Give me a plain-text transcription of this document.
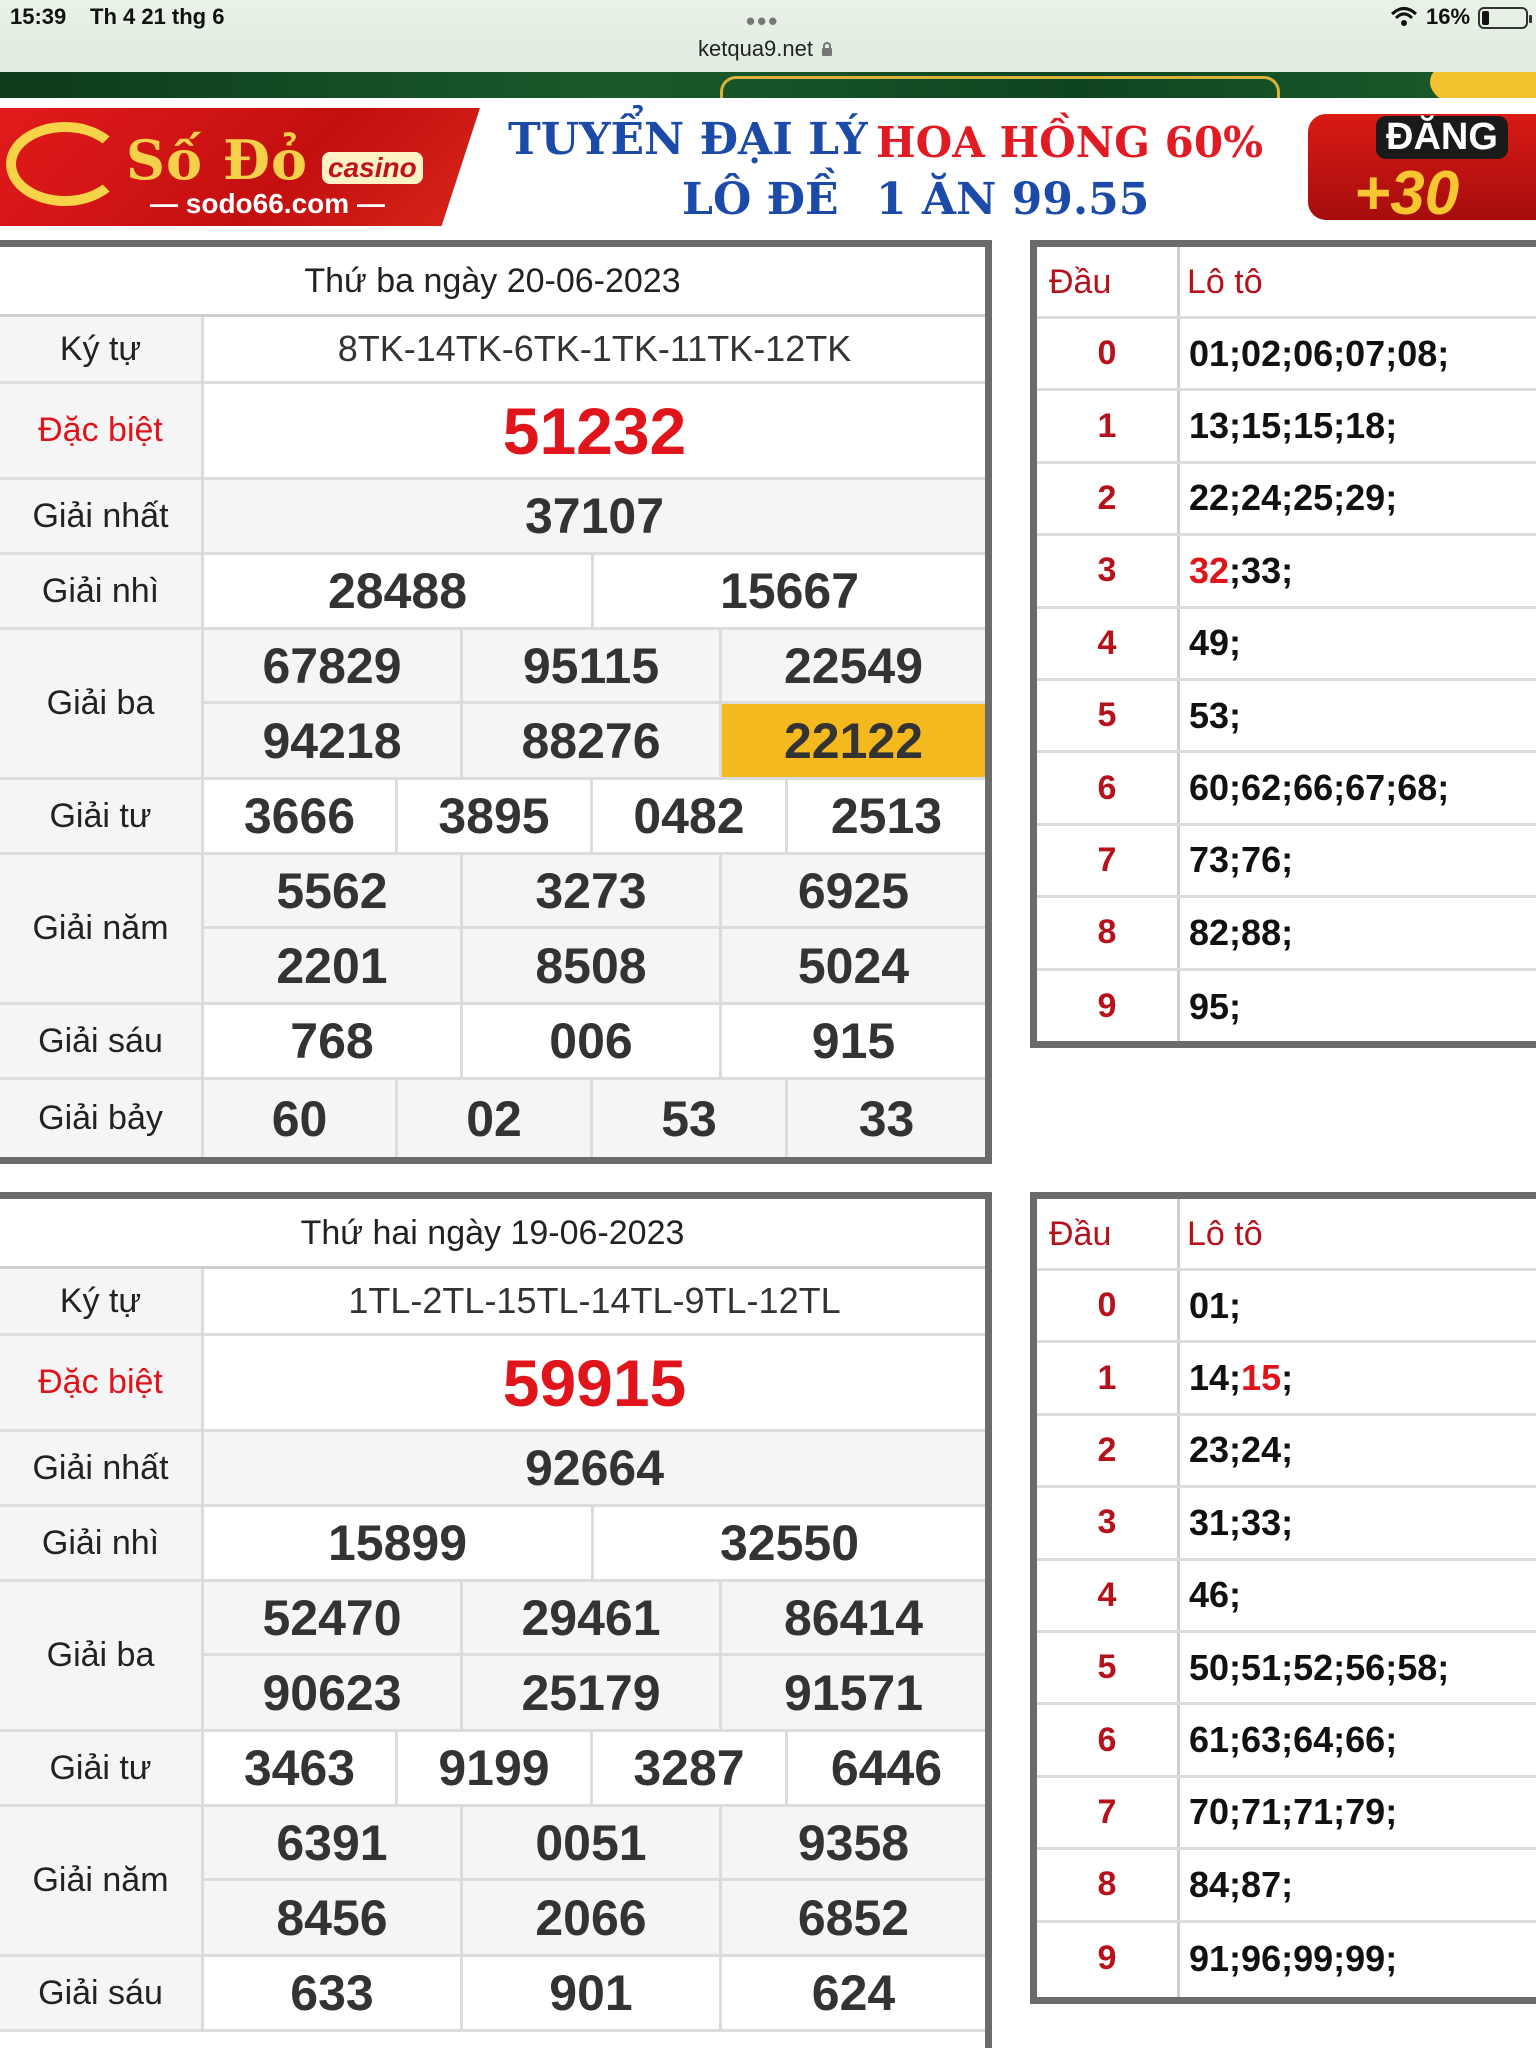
15:39 Th 4 21 thg 6	•••
ketqua9.net
16%
Số Đỏ casino
— sodo66.com —
TUYỂN ĐẠI LÝ HOA HỒNG 60%
LÔ ĐỀ 1 ĂN 99.55
ĐĂNG
+30
Thứ ba ngày 20-06-2023
Ký tự	8TK-14TK-6TK-1TK-11TK-12TK
Đặc biệt	51232
Giải nhất	37107
Giải nhì	28488	15667
Giải ba
67829	95115	22549
94218	88276	22122
Giải tư	3666	3895	0482	2513
Giải năm
5562	3273	6925
2201	8508	5024
Giải sáu	768	006	915
Giải bảy	60	02	53	33
Đầu Lô tô
0	01 ; 02 ; 06 ; 07 ; 08 ;
1	13 ; 15 ; 15 ; 18 ;
2	22 ; 24 ; 25 ; 29 ;
3	32 ; 33 ;
4	49 ;
5	53 ;
6	60 ; 62 ; 66 ; 67 ; 68 ;
7	73 ; 76 ;
8	82 ; 88 ;
9	95 ;
Thứ hai ngày 19-06-2023
Ký tự	1TL-2TL-15TL-14TL-9TL-12TL
Đặc biệt	59915
Giải nhất	92664
Giải nhì	15899	32550
Giải ba
52470	29461	86414
90623	25179	91571
Giải tư	3463	9199	3287	6446
Giải năm
6391	0051	9358
8456	2066	6852
Giải sáu	633	901	624
Đầu Lô tô
0	01 ;
1	14 ; 15 ;
2	23 ; 24 ;
3	31 ; 33 ;
4	46 ;
5	50 ; 51 ; 52 ; 56 ; 58 ;
6	61 ; 63 ; 64 ; 66 ;
7	70 ; 71 ; 71 ; 79 ;
8	84 ; 87 ;
9	91 ; 96 ; 99 ; 99 ;
